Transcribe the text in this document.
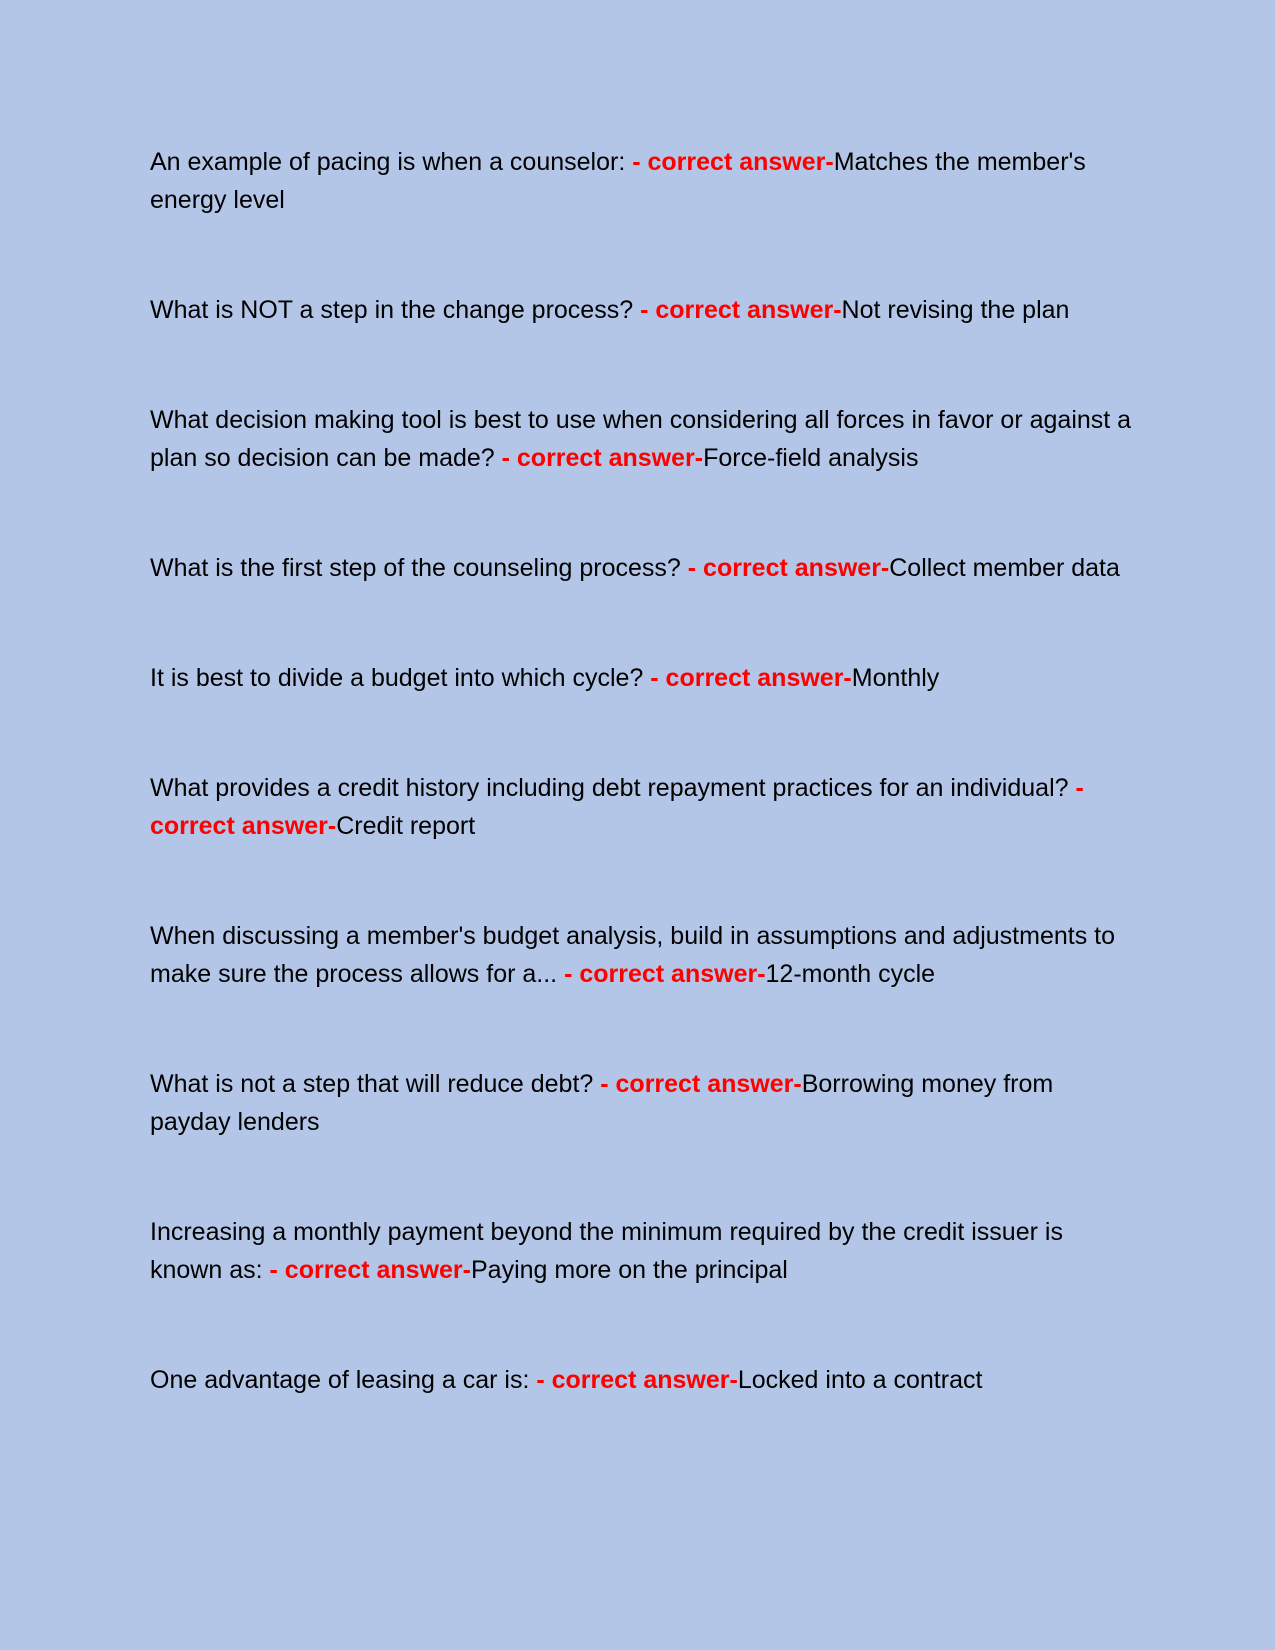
An example of pacing is when a counselor: - correct answer-Matches the member's energy level

What is NOT a step in the change process? - correct answer-Not revising the plan

What decision making tool is best to use when considering all forces in favor or against a plan so decision can be made? - correct answer-Force-field analysis

What is the first step of the counseling process? - correct answer-Collect member data

It is best to divide a budget into which cycle? - correct answer-Monthly

What provides a credit history including debt repayment practices for an individual? - correct answer-Credit report

When discussing a member's budget analysis, build in assumptions and adjustments to make sure the process allows for a... - correct answer-12-month cycle

What is not a step that will reduce debt? - correct answer-Borrowing money from payday lenders

Increasing a monthly payment beyond the minimum required by the credit issuer is known as: - correct answer-Paying more on the principal

One advantage of leasing a car is: - correct answer-Locked into a contract
